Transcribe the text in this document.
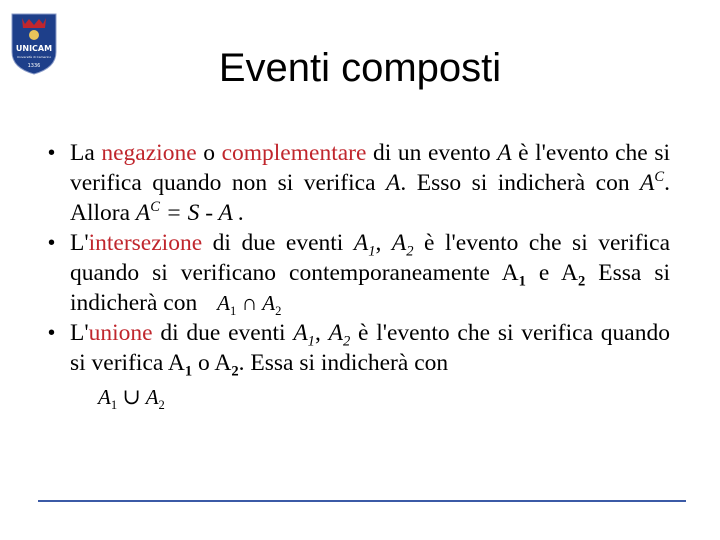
UNICAM
Università di Camerino
1336	Eventi composti
• La negazione o complementare di un evento A è l'evento che si verifica quando non si verifica A. Esso si indicherà con $A^C$. Allora $A^C = S - A$ .
• L'intersezione di due eventi $A_1$, $A_2$ è l'evento che si verifica quando si verificano contemporaneamente $A_1$ e $A_2$ Essa si indicherà con $A_1$ ∩ $A_2$
• L'unione di due eventi $A_1$, $A_2$ è l'evento che si verifica quando si verifica $A_1$ o $A_2$. Essa si indicherà con
$A_1$ ∪ $A_2$
